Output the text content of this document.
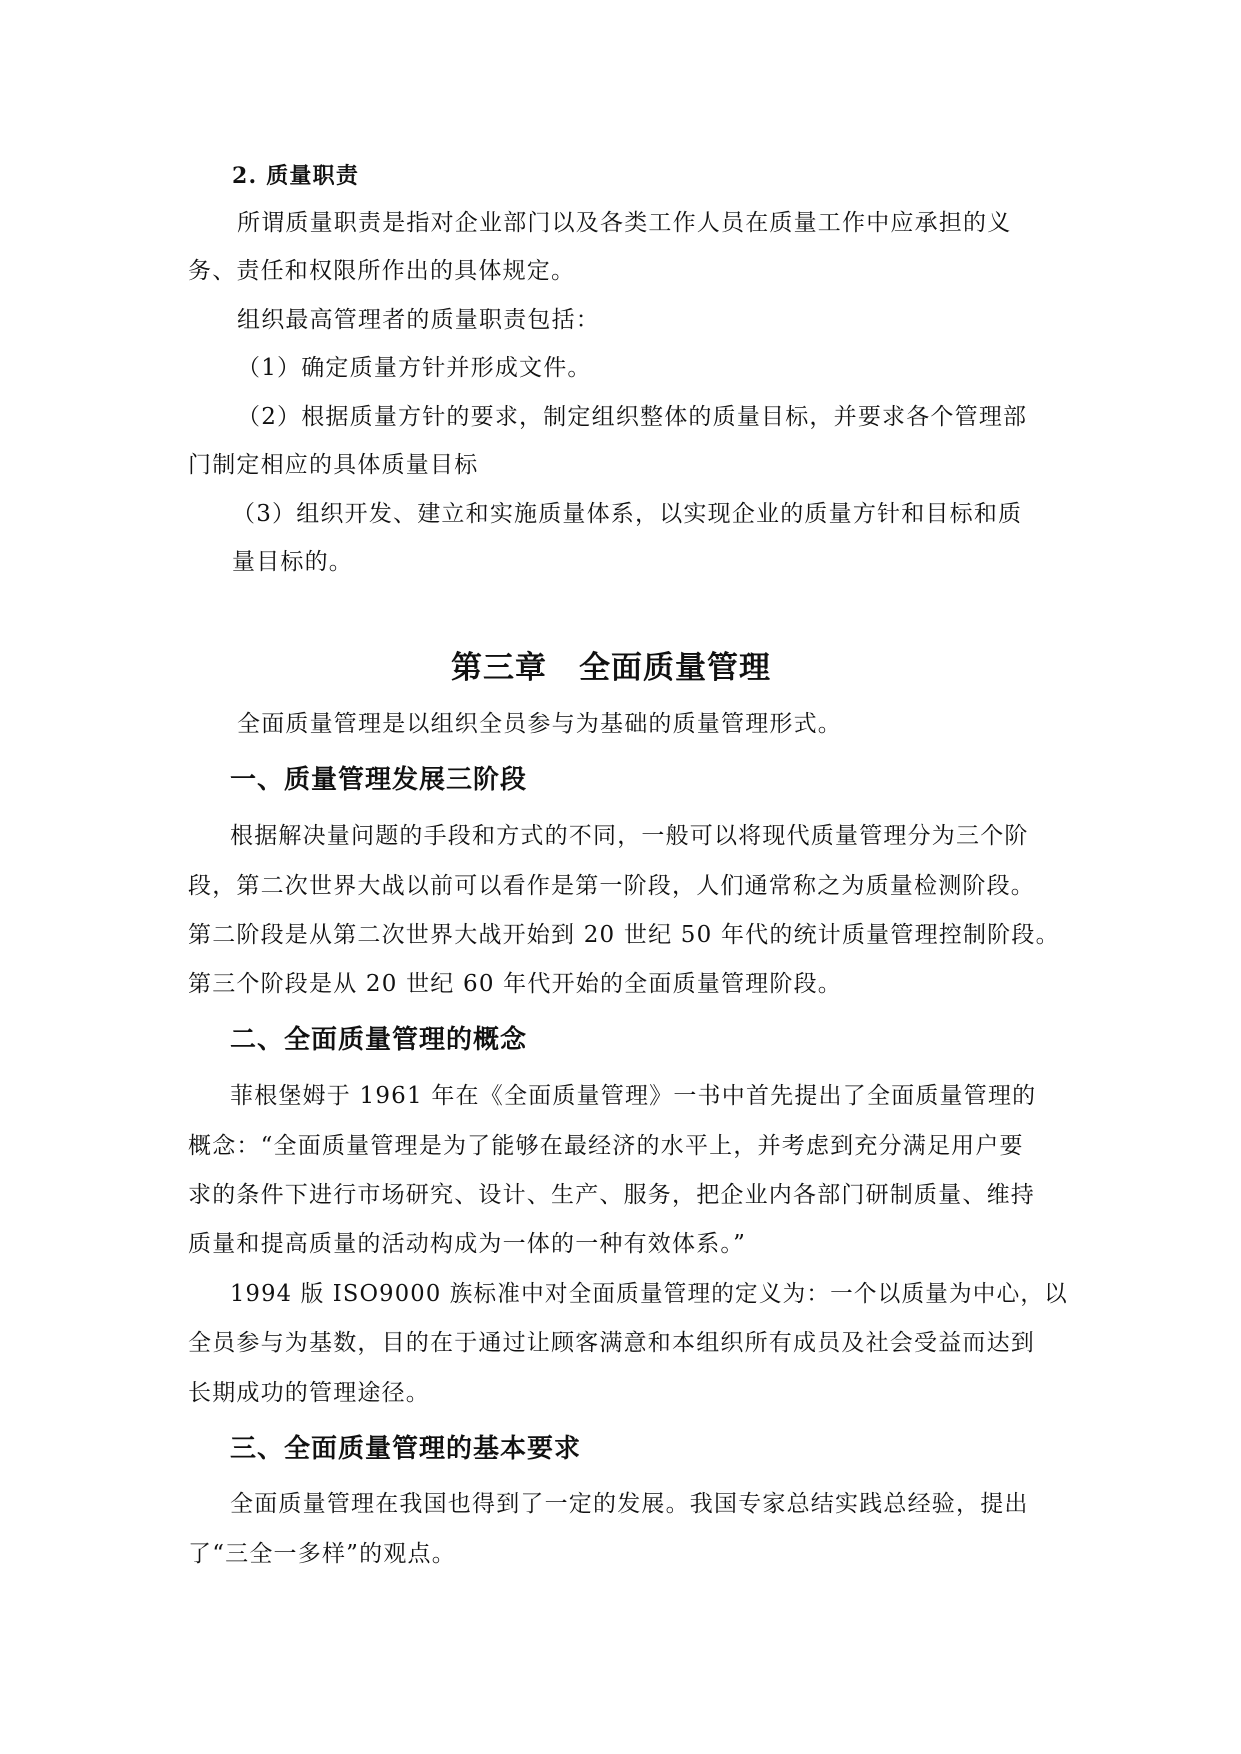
2. 质量职责
所谓质量职责是指对企业部门以及各类工作人员在质量工作中应承担的义
务、责任和权限所作出的具体规定。
组织最高管理者的质量职责包括：
（1）确定质量方针并形成文件。
（2）根据质量方针的要求，制定组织整体的质量目标，并要求各个管理部
门制定相应的具体质量目标
（3）组织开发、建立和实施质量体系，以实现企业的质量方针和目标和质
量目标的。
第三章　全面质量管理
全面质量管理是以组织全员参与为基础的质量管理形式。
一、质量管理发展三阶段
根据解决量问题的手段和方式的不同，一般可以将现代质量管理分为三个阶
段，第二次世界大战以前可以看作是第一阶段，人们通常称之为质量检测阶段。
第二阶段是从第二次世界大战开始到 20 世纪 50 年代的统计质量管理控制阶段。
第三个阶段是从 20 世纪 60 年代开始的全面质量管理阶段。
二、全面质量管理的概念
菲根堡姆于 1961 年在《全面质量管理》一书中首先提出了全面质量管理的
概念：“全面质量管理是为了能够在最经济的水平上，并考虑到充分满足用户要
求的条件下进行市场研究、设计、生产、服务，把企业内各部门研制质量、维持
质量和提高质量的活动构成为一体的一种有效体系。”
1994 版 ISO9000 族标准中对全面质量管理的定义为：一个以质量为中心，以
全员参与为基数，目的在于通过让顾客满意和本组织所有成员及社会受益而达到
长期成功的管理途径。
三、全面质量管理的基本要求
全面质量管理在我国也得到了一定的发展。我国专家总结实践总经验，提出
了“三全一多样”的观点。
